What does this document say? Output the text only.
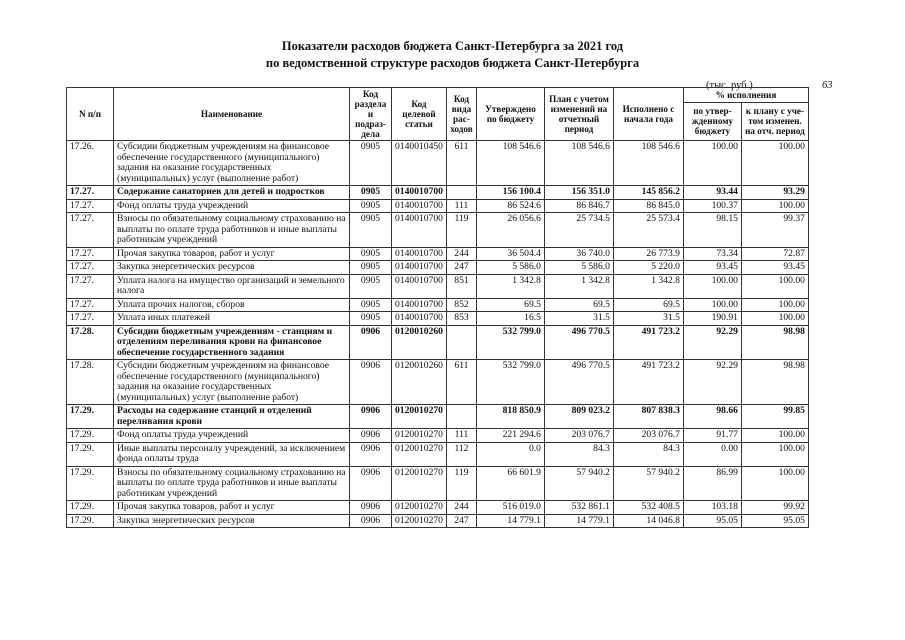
Показатели расходов бюджета Санкт-Петербурга за 2021 год
по ведомственной структуре расходов бюджета Санкт-Петербурга
(тыс. руб.)	63
N п/п	Наименование	Код раздела и подраз-дела	Код целевой статьи	Код вида рас-ходов	Утверждено по бюджету	План с учетом изменений на отчетный период	Исполнено с начала года	% исполнения	
								по утвер-жденному бюджету	к плану с уче-том изменен. на отч. период
17.26.	Субсидии бюджетным учреждениям на финансовое обеспечение государственного (муниципального) задания на оказание государственных (муниципальных) услуг (выполнение работ)	0905	0140010450	611	108 546.6	108 546.6	108 546.6	100.00	100.00
17.27.	Содержание санаториев для детей и подростков	0905	0140010700		156 100.4	156 351.0	145 856.2	93.44	93.29
17.27.	Фонд оплаты труда учреждений	0905	0140010700	111	86 524.6	86 846.7	86 845.0	100.37	100.00
17.27.	Взносы по обязательному социальному страхованию на выплаты по оплате труда работников и иные выплаты работникам учреждений	0905	0140010700	119	26 056.6	25 734.5	25 573.4	98.15	99.37
17.27.	Прочая закупка товаров, работ и услуг	0905	0140010700	244	36 504.4	36 740.0	26 773.9	73.34	72.87
17.27.	Закупка энергетических ресурсов	0905	0140010700	247	5 586.0	5 586.0	5 220.0	93.45	93.45
17.27.	Уплата налога на имущество организаций и земельного налога	0905	0140010700	851	1 342.8	1 342.8	1 342.8	100.00	100.00
17.27.	Уплата прочих налогов, сборов	0905	0140010700	852	69.5	69.5	69.5	100.00	100.00
17.27.	Уплата иных платежей	0905	0140010700	853	16.5	31.5	31.5	190.91	100.00
17.28.	Субсидии бюджетным учреждениям - станциям и отделениям переливания крови на финансовое обеспечение государственного задания	0906	0120010260		532 799.0	496 770.5	491 723.2	92.29	98.98
17.28.	Субсидии бюджетным учреждениям на финансовое обеспечение государственного (муниципального) задания на оказание государственных (муниципальных) услуг (выполнение работ)	0906	0120010260	611	532 799.0	496 770.5	491 723.2	92.29	98.98
17.29.	Расходы на содержание станций и отделений переливания крови	0906	0120010270		818 850.9	809 023.2	807 838.3	98.66	99.85
17.29.	Фонд оплаты труда учреждений	0906	0120010270	111	221 294.6	203 076.7	203 076.7	91.77	100.00
17.29.	Иные выплаты персоналу учреждений, за исключением фонда оплаты труда	0906	0120010270	112	0.0	84.3	84.3	0.00	100.00
17.29.	Взносы по обязательному социальному страхованию на выплаты по оплате труда работников и иные выплаты работникам учреждений	0906	0120010270	119	66 601.9	57 940.2	57 940.2	86.99	100.00
17.29.	Прочая закупка товаров, работ и услуг	0906	0120010270	244	516 019.0	532 861.1	532 408.5	103.18	99.92
17.29.	Закупка энергетических ресурсов	0906	0120010270	247	14 779.1	14 779.1	14 046.8	95.05	95.05
